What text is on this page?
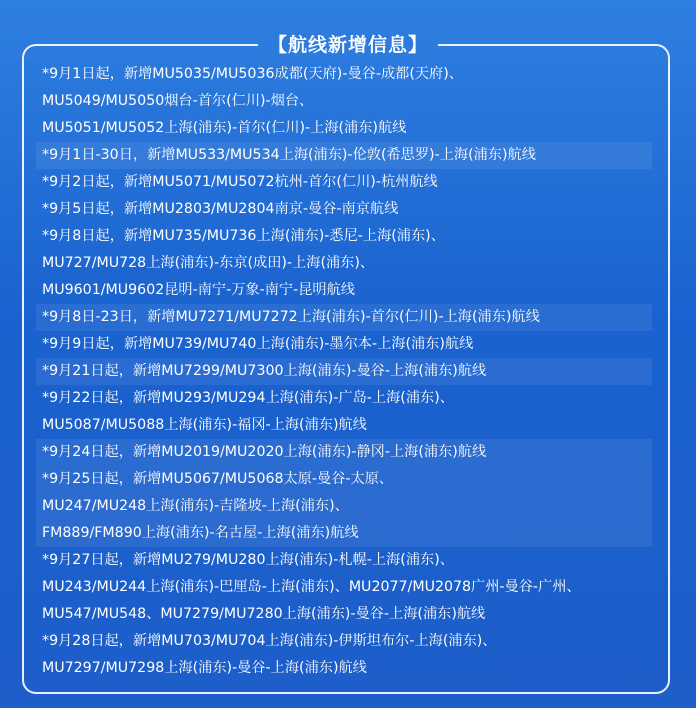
【航线新增信息】
*9月1日起，新增MU5035/MU5036成都(天府)-曼谷-成都(天府)、
MU5049/MU5050烟台-首尔(仁川)-烟台、
MU5051/MU5052上海(浦东)-首尔(仁川)-上海(浦东)航线
*9月1日-30日，新增MU533/MU534上海(浦东)-伦敦(希思罗)-上海(浦东)航线
*9月2日起，新增MU5071/MU5072杭州-首尔(仁川)-杭州航线
*9月5日起，新增MU2803/MU2804南京-曼谷-南京航线
*9月8日起，新增MU735/MU736上海(浦东)-悉尼-上海(浦东)、
MU727/MU728上海(浦东)-东京(成田)-上海(浦东)、
MU9601/MU9602昆明-南宁-万象-南宁-昆明航线
*9月8日-23日，新增MU7271/MU7272上海(浦东)-首尔(仁川)-上海(浦东)航线
*9月9日起，新增MU739/MU740上海(浦东)-墨尔本-上海(浦东)航线
*9月21日起，新增MU7299/MU7300上海(浦东)-曼谷-上海(浦东)航线
*9月22日起，新增MU293/MU294上海(浦东)-广岛-上海(浦东)、
MU5087/MU5088上海(浦东)-福冈-上海(浦东)航线
*9月24日起，新增MU2019/MU2020上海(浦东)-静冈-上海(浦东)航线
*9月25日起，新增MU5067/MU5068太原-曼谷-太原、
MU247/MU248上海(浦东)-吉隆坡-上海(浦东)、
FM889/FM890上海(浦东)-名古屋-上海(浦东)航线
*9月27日起，新增MU279/MU280上海(浦东)-札幌-上海(浦东)、
MU243/MU244上海(浦东)-巴厘岛-上海(浦东)、MU2077/MU2078广州-曼谷-广州、
MU547/MU548、MU7279/MU7280上海(浦东)-曼谷-上海(浦东)航线
*9月28日起，新增MU703/MU704上海(浦东)-伊斯坦布尔-上海(浦东)、
MU7297/MU7298上海(浦东)-曼谷-上海(浦东)航线
